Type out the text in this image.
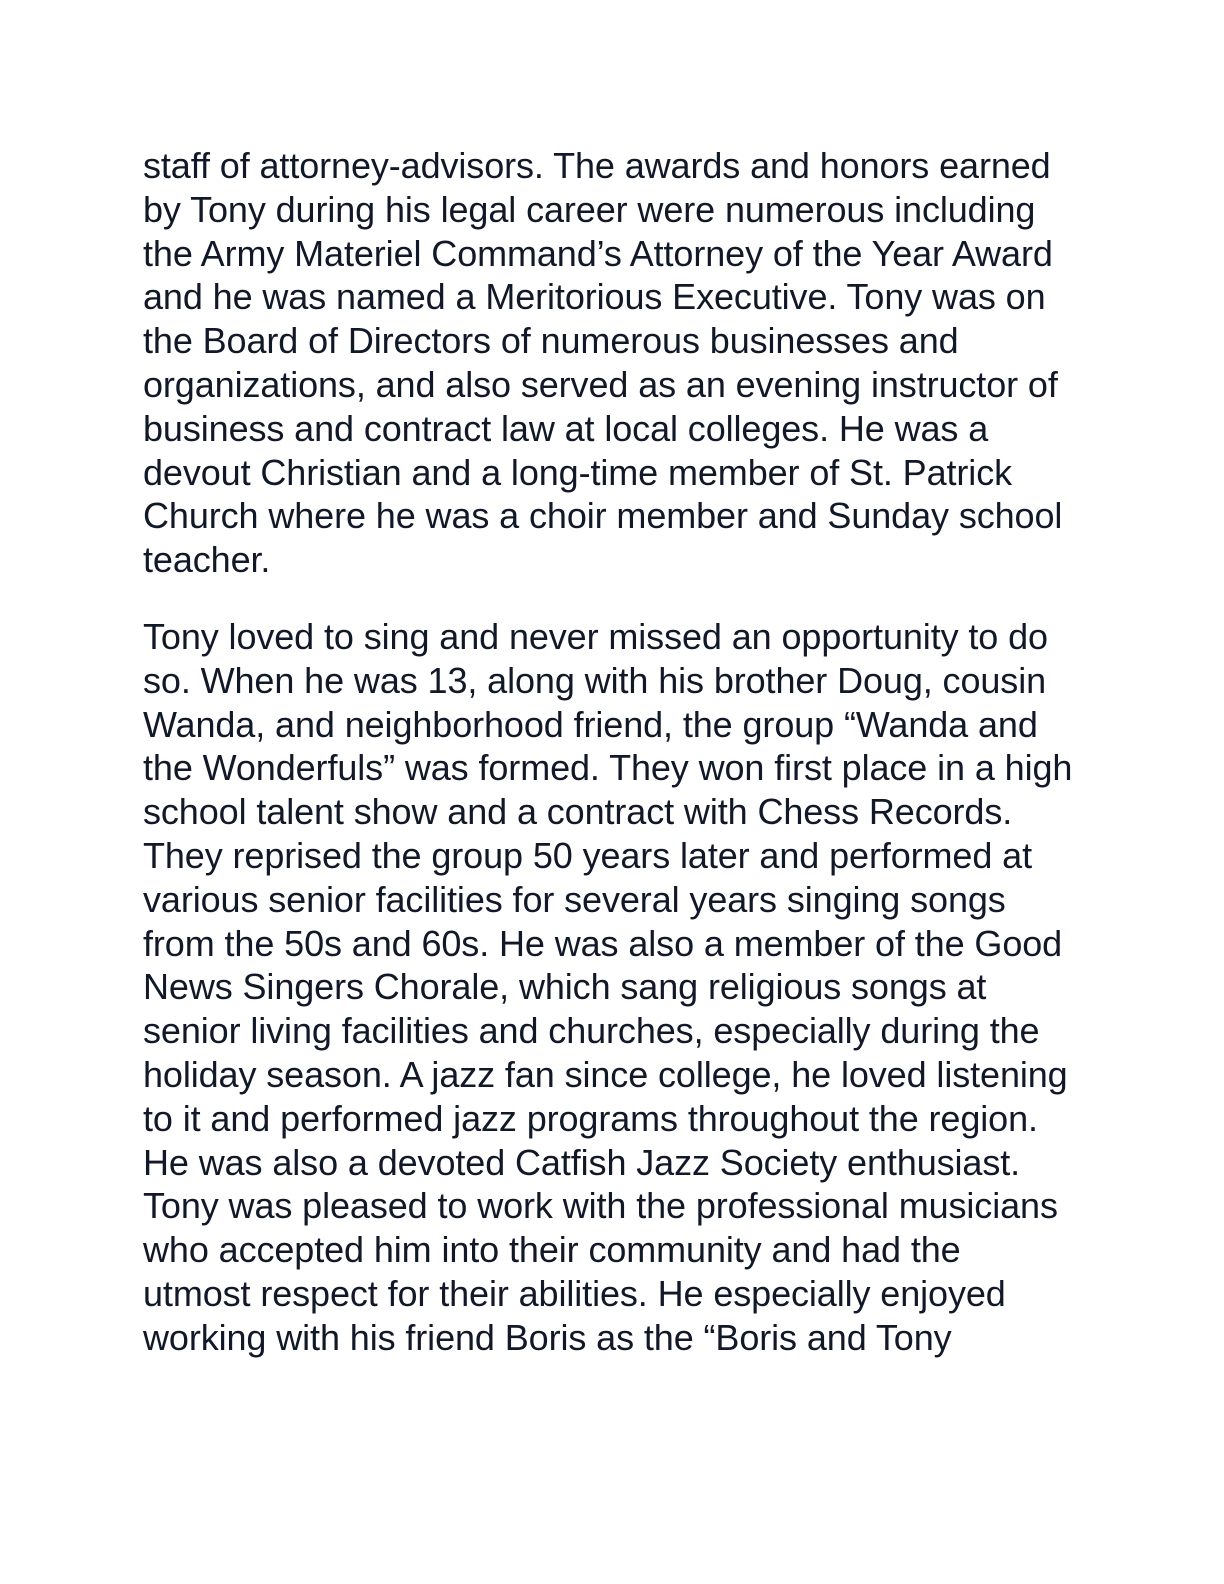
staff of attorney-advisors. The awards and honors earned
by Tony during his legal career were numerous including
the Army Materiel Command’s Attorney of the Year Award
and he was named a Meritorious Executive. Tony was on
the Board of Directors of numerous businesses and
organizations, and also served as an evening instructor of
business and contract law at local colleges. He was a
devout Christian and a long-time member of St. Patrick
Church where he was a choir member and Sunday school
teacher.

Tony loved to sing and never missed an opportunity to do
so. When he was 13, along with his brother Doug, cousin
Wanda, and neighborhood friend, the group “Wanda and
the Wonderfuls” was formed. They won first place in a high
school talent show and a contract with Chess Records.
They reprised the group 50 years later and performed at
various senior facilities for several years singing songs
from the 50s and 60s. He was also a member of the Good
News Singers Chorale, which sang religious songs at
senior living facilities and churches, especially during the
holiday season. A jazz fan since college, he loved listening
to it and performed jazz programs throughout the region.
He was also a devoted Catfish Jazz Society enthusiast.
Tony was pleased to work with the professional musicians
who accepted him into their community and had the
utmost respect for their abilities. He especially enjoyed
working with his friend Boris as the “Boris and Tony
